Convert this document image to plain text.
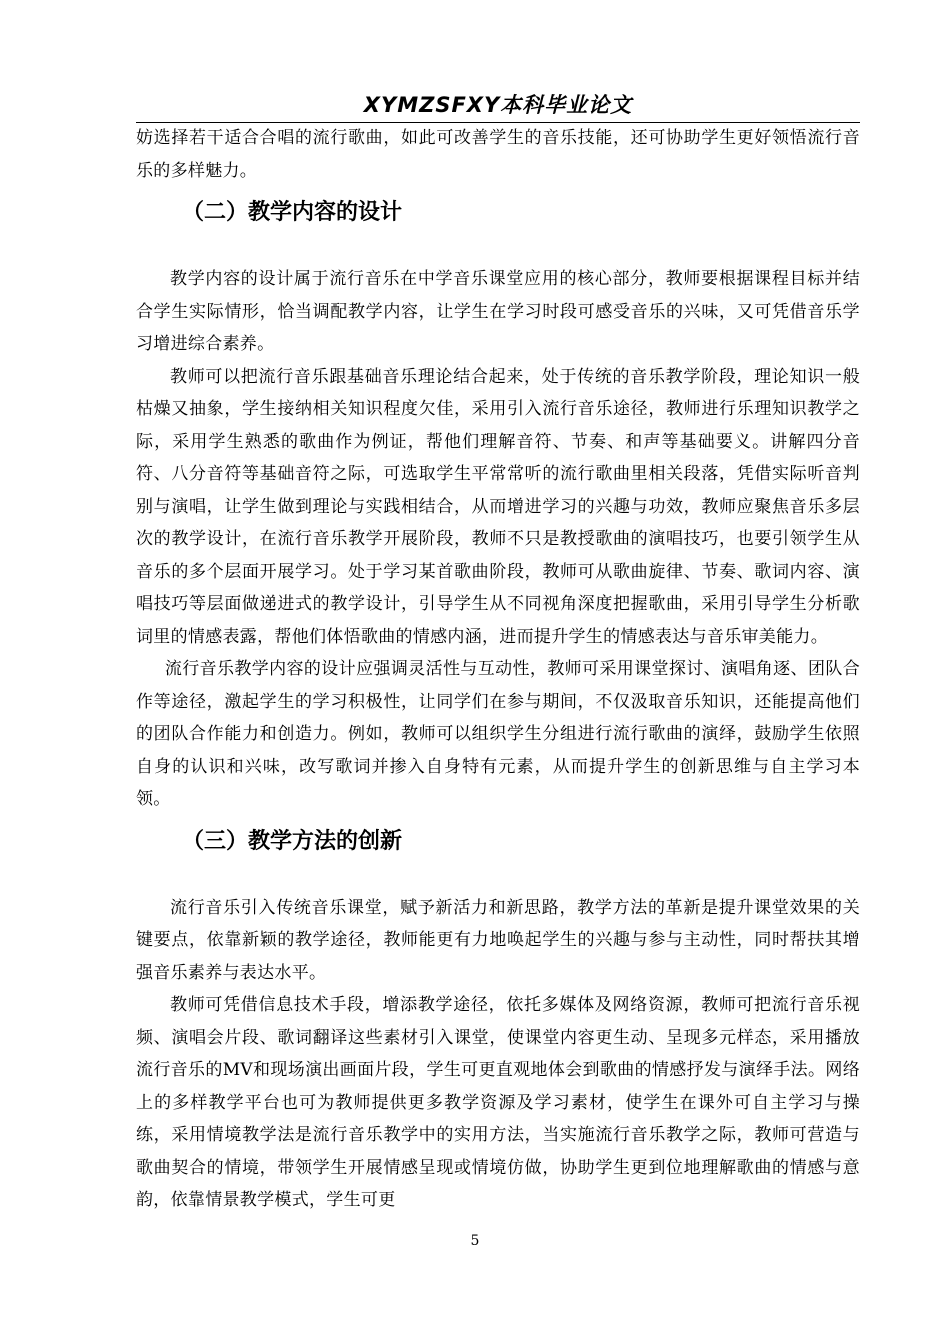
XYMZSFXY本科毕业论文

妨选择若干适合合唱的流行歌曲，如此可改善学生的音乐技能，还可协助学生更好领悟流行音乐的多样魅力。

（二）教学内容的设计

教学内容的设计属于流行音乐在中学音乐课堂应用的核心部分，教师要根据课程目标并结合学生实际情形，恰当调配教学内容，让学生在学习时段可感受音乐的兴味，又可凭借音乐学习增进综合素养。

教师可以把流行音乐跟基础音乐理论结合起来，处于传统的音乐教学阶段，理论知识一般枯燥又抽象，学生接纳相关知识程度欠佳，采用引入流行音乐途径，教师进行乐理知识教学之际，采用学生熟悉的歌曲作为例证，帮他们理解音符、节奏、和声等基础要义。讲解四分音符、八分音符等基础音符之际，可选取学生平常常听的流行歌曲里相关段落，凭借实际听音判别与演唱，让学生做到理论与实践相结合，从而增进学习的兴趣与功效，教师应聚焦音乐多层次的教学设计，在流行音乐教学开展阶段，教师不只是教授歌曲的演唱技巧，也要引领学生从音乐的多个层面开展学习。处于学习某首歌曲阶段，教师可从歌曲旋律、节奏、歌词内容、演唱技巧等层面做递进式的教学设计，引导学生从不同视角深度把握歌曲，采用引导学生分析歌词里的情感表露，帮他们体悟歌曲的情感内涵，进而提升学生的情感表达与音乐审美能力。

流行音乐教学内容的设计应强调灵活性与互动性，教师可采用课堂探讨、演唱角逐、团队合作等途径，激起学生的学习积极性，让同学们在参与期间，不仅汲取音乐知识，还能提高他们的团队合作能力和创造力。例如，教师可以组织学生分组进行流行歌曲的演绎，鼓励学生依照自身的认识和兴味，改写歌词并掺入自身特有元素，从而提升学生的创新思维与自主学习本领。

（三）教学方法的创新

流行音乐引入传统音乐课堂，赋予新活力和新思路，教学方法的革新是提升课堂效果的关键要点，依靠新颖的教学途径，教师能更有力地唤起学生的兴趣与参与主动性，同时帮扶其增强音乐素养与表达水平。

教师可凭借信息技术手段，增添教学途径，依托多媒体及网络资源，教师可把流行音乐视频、演唱会片段、歌词翻译这些素材引入课堂，使课堂内容更生动、呈现多元样态，采用播放流行音乐的MV和现场演出画面片段，学生可更直观地体会到歌曲的情感抒发与演绎手法。网络上的多样教学平台也可为教师提供更多教学资源及学习素材，使学生在课外可自主学习与操练，采用情境教学法是流行音乐教学中的实用方法，当实施流行音乐教学之际，教师可营造与歌曲契合的情境，带领学生开展情感呈现或情境仿做，协助学生更到位地理解歌曲的情感与意韵，依靠情景教学模式，学生可更

5
